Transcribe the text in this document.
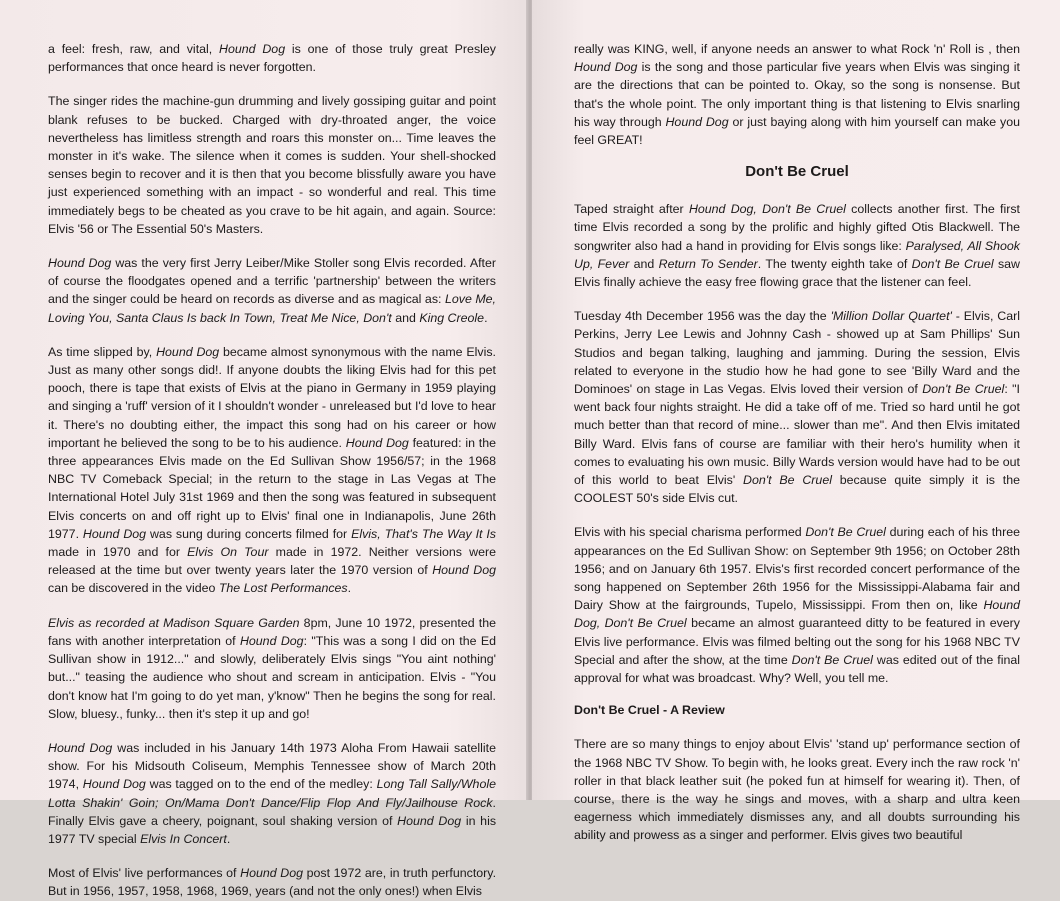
a feel: fresh, raw, and vital, Hound Dog is one of those truly great Presley performances that once heard is never forgotten.

The singer rides the machine-gun drumming and lively gossiping guitar and point blank refuses to be bucked. Charged with dry-throated anger, the voice nevertheless has limitless strength and roars this monster on... Time leaves the monster in it's wake. The silence when it comes is sudden. Your shell-shocked senses begin to recover and it is then that you become blissfully aware you have just experienced something with an impact - so wonderful and real. This time immediately begs to be cheated as you crave to be hit again, and again. Source: Elvis '56 or The Essential 50's Masters.

Hound Dog was the very first Jerry Leiber/Mike Stoller song Elvis recorded. After of course the floodgates opened and a terrific 'partnership' between the writers and the singer could be heard on records as diverse and as magical as: Love Me, Loving You, Santa Claus Is back In Town, Treat Me Nice, Don't and King Creole.

As time slipped by, Hound Dog became almost synonymous with the name Elvis. Just as many other songs did!. If anyone doubts the liking Elvis had for this pet pooch, there is tape that exists of Elvis at the piano in Germany in 1959 playing and singing a 'ruff' version of it I shouldn't wonder - unreleased but I'd love to hear it. There's no doubting either, the impact this song had on his career or how important he believed the song to be to his audience. Hound Dog featured: in the three appearances Elvis made on the Ed Sullivan Show 1956/57; in the 1968 NBC TV Comeback Special; in the return to the stage in Las Vegas at The International Hotel July 31st 1969 and then the song was featured in subsequent Elvis concerts on and off right up to Elvis' final one in Indianapolis, June 26th 1977. Hound Dog was sung during concerts filmed for Elvis, That's The Way It Is made in 1970 and for Elvis On Tour made in 1972. Neither versions were released at the time but over twenty years later the 1970 version of Hound Dog can be discovered in the video The Lost Performances.

Elvis as recorded at Madison Square Garden 8pm, June 10 1972, presented the fans with another interpretation of Hound Dog: "This was a song I did on the Ed Sullivan show in 1912..." and slowly, deliberately Elvis sings "You aint nothing' but..." teasing the audience who shout and scream in anticipation. Elvis - "You don't know hat I'm going to do yet man, y'know" Then he begins the song for real. Slow, bluesy., funky... then it's step it up and go!

Hound Dog was included in his January 14th 1973 Aloha From Hawaii satellite show. For his Midsouth Coliseum, Memphis Tennessee show of March 20th 1974, Hound Dog was tagged on to the end of the medley: Long Tall Sally/Whole Lotta Shakin' Goin; On/Mama Don't Dance/Flip Flop And Fly/Jailhouse Rock. Finally Elvis gave a cheery, poignant, soul shaking version of Hound Dog in his 1977 TV special Elvis In Concert.

Most of Elvis' live performances of Hound Dog post 1972 are, in truth perfunctory. But in 1956, 1957, 1958, 1968, 1969, years (and not the only ones!) when Elvis

really was KING, well, if anyone needs an answer to what Rock 'n' Roll is , then Hound Dog is the song and those particular five years when Elvis was singing it are the directions that can be pointed to. Okay, so the song is nonsense. But that's the whole point. The only important thing is that listening to Elvis snarling his way through Hound Dog or just baying along with him yourself can make you feel GREAT!

Don't Be Cruel

Taped straight after Hound Dog, Don't Be Cruel collects another first. The first time Elvis recorded a song by the prolific and highly gifted Otis Blackwell. The songwriter also had a hand in providing for Elvis songs like: Paralysed, All Shook Up, Fever and Return To Sender. The twenty eighth take of Don't Be Cruel saw Elvis finally achieve the easy free flowing grace that the listener can feel.

Tuesday 4th December 1956 was the day the 'Million Dollar Quartet' - Elvis, Carl Perkins, Jerry Lee Lewis and Johnny Cash - showed up at Sam Phillips' Sun Studios and began talking, laughing and jamming. During the session, Elvis related to everyone in the studio how he had gone to see 'Billy Ward and the Dominoes' on stage in Las Vegas. Elvis loved their version of Don't Be Cruel: "I went back four nights straight. He did a take off of me. Tried so hard until he got much better than that record of mine... slower than me". And then Elvis imitated Billy Ward. Elvis fans of course are familiar with their hero's humility when it comes to evaluating his own music. Billy Wards version would have had to be out of this world to beat Elvis' Don't Be Cruel because quite simply it is the COOLEST 50's side Elvis cut.

Elvis with his special charisma performed Don't Be Cruel during each of his three appearances on the Ed Sullivan Show: on September 9th 1956; on October 28th 1956; and on January 6th 1957. Elvis's first recorded concert performance of the song happened on September 26th 1956 for the Mississippi-Alabama fair and Dairy Show at the fairgrounds, Tupelo, Mississippi. From then on, like Hound Dog, Don't Be Cruel became an almost guaranteed ditty to be featured in every Elvis live performance. Elvis was filmed belting out the song for his 1968 NBC TV Special and after the show, at the time Don't Be Cruel was edited out of the final approval for what was broadcast. Why? Well, you tell me.

Don't Be Cruel - A Review

There are so many things to enjoy about Elvis' 'stand up' performance section of the 1968 NBC TV Show. To begin with, he looks great. Every inch the raw rock 'n' roller in that black leather suit (he poked fun at himself for wearing it). Then, of course, there is the way he sings and moves, with a sharp and ultra keen eagerness which immediately dismisses any, and all doubts surrounding his ability and prowess as a singer and performer. Elvis gives two beautiful
